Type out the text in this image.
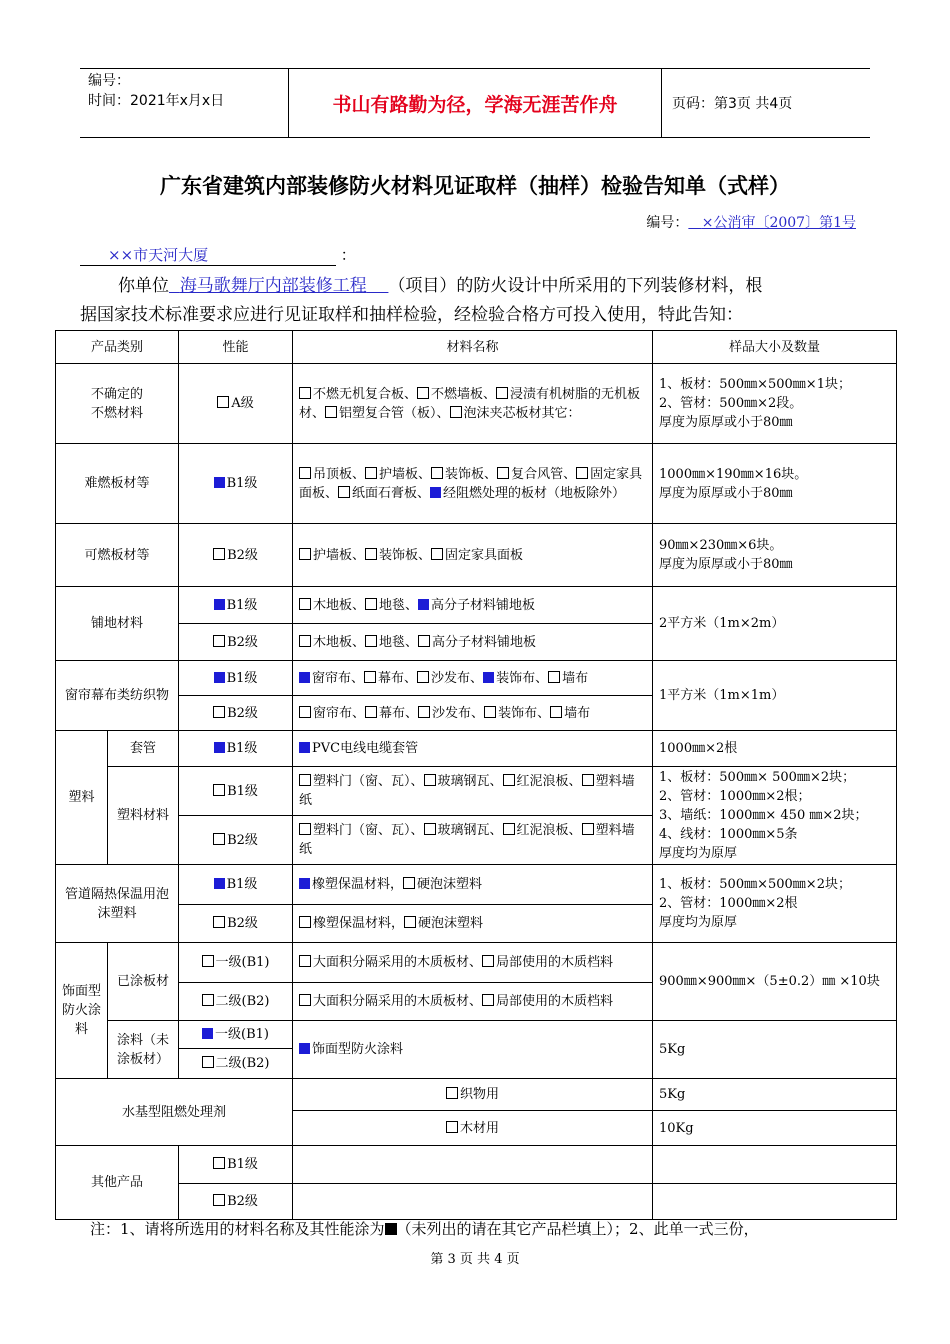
编号：
时间：2021年x月x日	书山有路勤为径，学海无涯苦作舟	页码：第3页 共4页
广东省建筑内部装修防火材料见证取样（抽样）检验告知单（式样）
编号： ×公消审〔2007〕第1号
××市天河大厦	：
你单位 海马歌舞厅内部装修工程 （项目）的防火设计中所采用的下列装修材料，根
据国家技术标准要求应进行见证取样和抽样检验，经检验合格方可投入使用，特此告知：
产品类别		性能	材料名称	样品大小及数量
不确定的
不燃材料		A级	不燃无机复合板、 不燃墙板、 浸渍有机树脂的无机板材、 铝塑复合管（板）、 泡沫夹芯板材其它：	1、板材：500㎜×500㎜×1块；
2、管材：500㎜×2段。
厚度为原厚或小于80㎜
难燃板材等		B1级	吊顶板、 护墙板、 装饰板、 复合风管、 固定家具面板、 纸面石膏板、 经阻燃处理的板材（地板除外）	1000㎜×190㎜×16块。
厚度为原厚或小于80㎜
可燃板材等		B2级	护墙板、 装饰板、 固定家具面板	90㎜×230㎜×6块。
厚度为原厚或小于80㎜
铺地材料		B1级	木地板、 地毯、 高分子材料铺地板	2平方米（1m×2m）
		B2级	木地板、 地毯、 高分子材料铺地板	
窗帘幕布类纺织物		B1级	窗帘布、 幕布、 沙发布、 装饰布、 墙布	1平方米（1m×1m）
		B2级	窗帘布、 幕布、 沙发布、 装饰布、 墙布	
塑料	套管	B1级	PVC电线电缆套管	1000㎜×2根
	塑料材料	B1级	塑料门（窗、瓦）、 玻璃钢瓦、 红泥浪板、 塑料墙纸	1、板材：500㎜× 500㎜×2块；
2、管材：1000㎜×2根；
3、墙纸：1000㎜× 450 ㎜×2块；
4、线材：1000㎜×5条
厚度均为原厚
		B2级	塑料门（窗、瓦）、 玻璃钢瓦、 红泥浪板、 塑料墙纸	
管道隔热保温用泡沫塑料		B1级	橡塑保温材料， 硬泡沫塑料	1、板材：500㎜×500㎜×2块；
2、管材：1000㎜×2根
厚度均为原厚
		B2级	橡塑保温材料， 硬泡沫塑料	
饰面型防火涂料	已涂板材	一级(B1)	大面积分隔采用的木质板材、 局部使用的木质档料	900㎜×900㎜×（5±0.2）㎜ ×10块
		二级(B2)	大面积分隔采用的木质板材、 局部使用的木质档料	
	涂料（未涂板材）	一级(B1)	饰面型防火涂料	5Kg
		二级(B2)		
水基型阻燃处理剂			织物用	5Kg
			木材用	10Kg
其他产品		B1级		
		B2级		
注：1、请将所选用的材料名称及其性能涂为 （未列出的请在其它产品栏填上）；2、此单一式三份，
第 3 页 共 4 页
